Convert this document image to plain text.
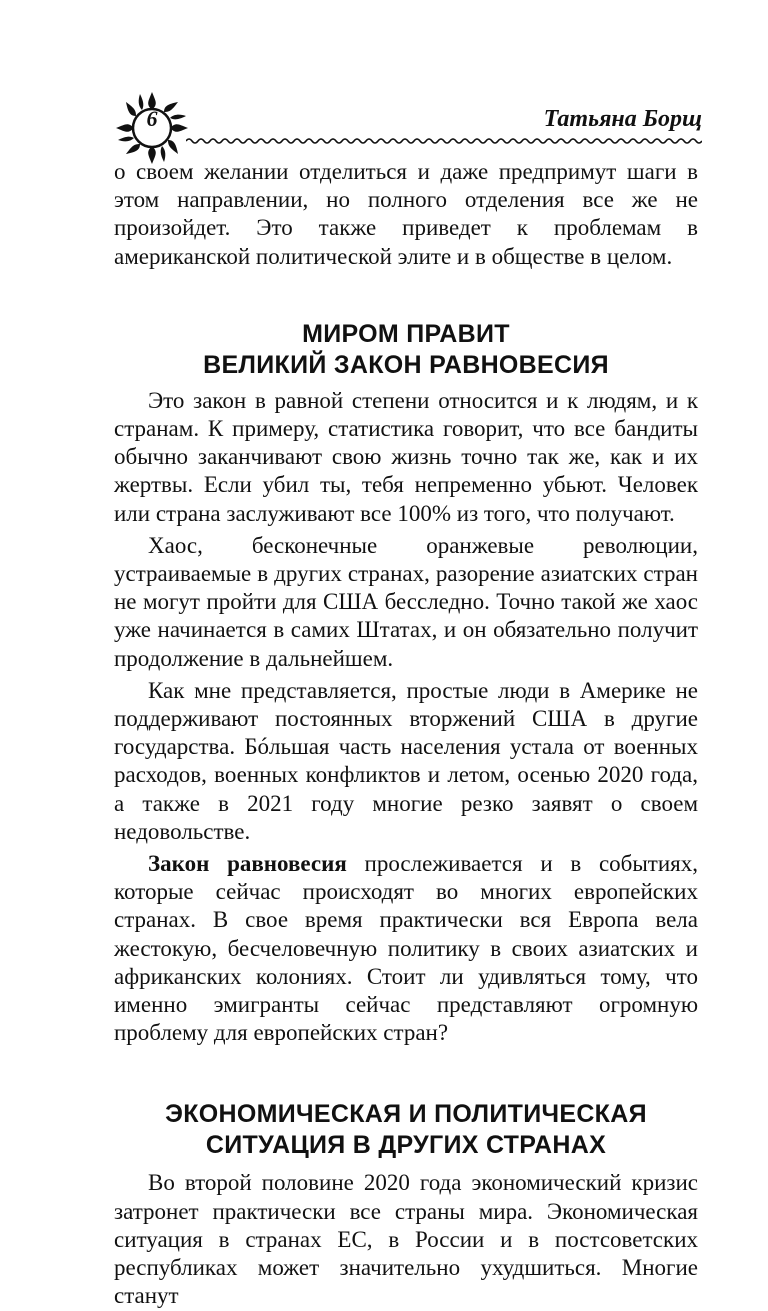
6	Татьяна Борщ

о своем желании отделиться и даже предпримут шаги в этом направлении, но полного отделения все же не произойдет. Это также приведет к проблемам в американской политической элите и в обществе в целом.

МИРОМ ПРАВИТ
ВЕЛИКИЙ ЗАКОН РАВНОВЕСИЯ

Это закон в равной степени относится и к людям, и к странам. К примеру, статистика говорит, что все бандиты обычно заканчивают свою жизнь точно так же, как и их жертвы. Если убил ты, тебя непременно убьют. Человек или страна заслуживают все 100% из того, что получают.

Хаос, бесконечные оранжевые революции, устраиваемые в других странах, разорение азиатских стран не могут пройти для США бесследно. Точно такой же хаос уже начинается в самих Штатах, и он обязательно получит продолжение в дальнейшем.

Как мне представляется, простые люди в Америке не поддерживают постоянных вторжений США в другие государства. Бóльшая часть населения устала от военных расходов, военных конфликтов и летом, осенью 2020 года, а также в 2021 году многие резко заявят о своем недовольстве.

Закон равновесия прослеживается и в событиях, которые сейчас происходят во многих европейских странах. В свое время практически вся Европа вела жестокую, бесчеловечную политику в своих азиатских и африканских колониях. Стоит ли удивляться тому, что именно эмигранты сейчас представляют огромную проблему для европейских стран?

ЭКОНОМИЧЕСКАЯ И ПОЛИТИЧЕСКАЯ
СИТУАЦИЯ В ДРУГИХ СТРАНАХ

Во второй половине 2020 года экономический кризис затронет практически все страны мира. Экономическая ситуация в странах ЕС, в России и в постсоветских республиках может значительно ухудшиться. Многие станут
